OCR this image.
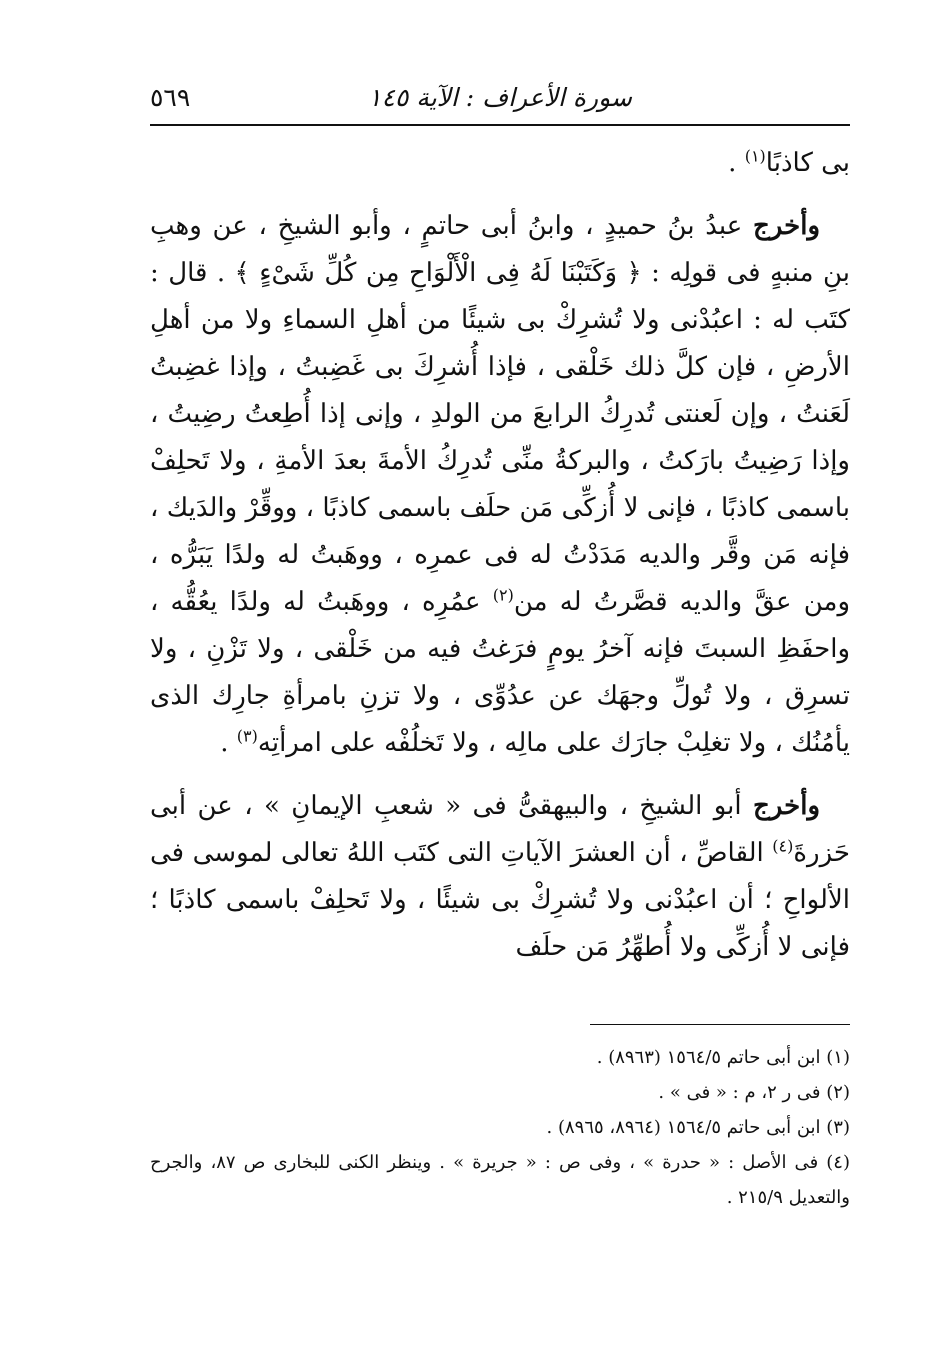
سورة الأعراف : الآية ١٤٥
٥٦٩

بى كاذبًا$^{(١)}$ .

وأخرج عبدُ بنُ حميدٍ ، وابنُ أبى حاتمٍ ، وأبو الشيخِ ، عن وهبِ بنِ منبهٍ فى قولِه : ﴿ وَكَتَبْنَا لَهُ فِى الْأَلْوَاحِ مِن كُلِّ شَىْءٍ ﴾ . قال : كتَب له : اعبُدْنى ولا تُشرِكْ بى شيئًا من أهلِ السماءِ ولا من أهلِ الأرضِ ، فإن كلَّ ذلك خَلْقى ، فإذا أُشرِكَ بى غَضِبتُ ، وإذا غضِبتُ لَعَنتُ ، وإن لَعنتى تُدرِكُ الرابعَ من الولدِ ، وإنى إذا أُطِعتُ رضِيتُ ، وإذا رَضِيتُ بارَكتُ ، والبركةُ منِّى تُدرِكُ الأمةَ بعدَ الأمةِ ، ولا تَحلِفْ باسمى كاذبًا ، فإنى لا أُزكِّى مَن حلَف باسمى كاذبًا ، ووقِّرْ والدَيك ، فإنه مَن وقَّر والديه مَدَدْتُ له فى عمرِه ، ووهَبتُ له ولدًا يَبَرُّه ، ومن عقَّ والديه قصَّرتُ له من$^{(٢)}$ عمُرِه ، ووهَبتُ له ولدًا يعُقُّه ، واحفَظِ السبتَ فإنه آخرُ يومٍ فرَغتُ فيه من خَلْقى ، ولا تَزْنِ ، ولا تسرِق ، ولا تُولِّ وجهَك عن عدُوِّى ، ولا تزنِ بامرأةِ جارِك الذى يأمُنُك ، ولا تغلِبْ جارَك على مالِه ، ولا تَخلُفْه على امرأتِه$^{(٣)}$ .

وأخرج أبو الشيخِ ، والبيهقىُّ فى « شعبِ الإيمانِ » ، عن أبى حَزرةَ$^{(٤)}$ القاصِّ ، أن العشرَ الآياتِ التى كتَب اللهُ تعالى لموسى فى الألواحِ ؛ أن اعبُدْنى ولا تُشرِكْ بى شيئًا ، ولا تَحلِفْ باسمى كاذبًا ؛ فإنى لا أُزكِّى ولا أُطهِّرُ مَن حلَف

(١) ابن أبى حاتم ١٥٦٤/٥ (٨٩٦٣) .
(٢) فى ر ٢، م : « فى » .
(٣) ابن أبى حاتم ١٥٦٤/٥ (٨٩٦٤، ٨٩٦٥) .
(٤) فى الأصل : « حدرة » ، وفى ص : « جريرة » . وينظر الكنى للبخارى ص ٨٧، والجرح والتعديل ٢١٥/٩ .
